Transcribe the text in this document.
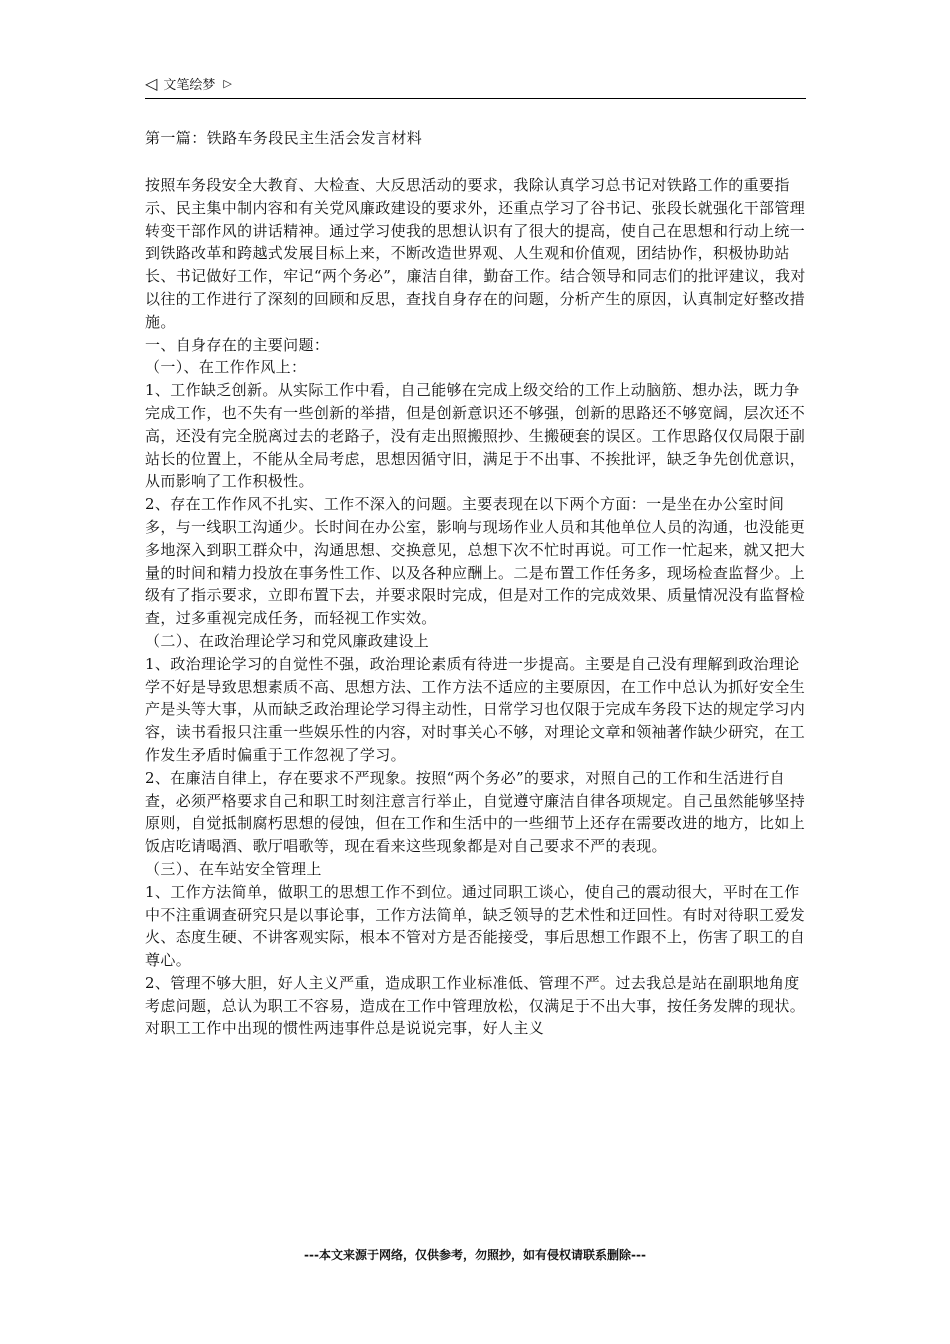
◁ 文笔绘梦 ▷
第一篇：铁路车务段民主生活会发言材料

按照车务段安全大教育、大检查、大反思活动的要求，我除认真学习总书记对铁路工作的重要指示、民主集中制内容和有关党风廉政建设的要求外，还重点学习了谷书记、张段长就强化干部管理转变干部作风的讲话精神。通过学习使我的思想认识有了很大的提高，使自己在思想和行动上统一到铁路改革和跨越式发展目标上来，不断改造世界观、人生观和价值观，团结协作，积极协助站长、书记做好工作，牢记“两个务必”，廉洁自律，勤奋工作。结合领导和同志们的批评建议，我对以往的工作进行了深刻的回顾和反思，查找自身存在的问题，分析产生的原因，认真制定好整改措施。

一、自身存在的主要问题：

（一）、在工作作风上：

1、工作缺乏创新。从实际工作中看，自己能够在完成上级交给的工作上动脑筋、想办法，既力争完成工作，也不失有一些创新的举措，但是创新意识还不够强，创新的思路还不够宽阔，层次还不高，还没有完全脱离过去的老路子，没有走出照搬照抄、生搬硬套的误区。工作思路仅仅局限于副站长的位置上，不能从全局考虑，思想因循守旧，满足于不出事、不挨批评，缺乏争先创优意识，从而影响了工作积极性。

2、存在工作作风不扎实、工作不深入的问题。主要表现在以下两个方面：一是坐在办公室时间多，与一线职工沟通少。长时间在办公室，影响与现场作业人员和其他单位人员的沟通，也没能更多地深入到职工群众中，沟通思想、交换意见，总想下次不忙时再说。可工作一忙起来，就又把大量的时间和精力投放在事务性工作、以及各种应酬上。二是布置工作任务多，现场检查监督少。上级有了指示要求，立即布置下去，并要求限时完成，但是对工作的完成效果、质量情况没有监督检查，过多重视完成任务，而轻视工作实效。

（二）、在政治理论学习和党风廉政建设上

1、政治理论学习的自觉性不强，政治理论素质有待进一步提高。主要是自己没有理解到政治理论学不好是导致思想素质不高、思想方法、工作方法不适应的主要原因，在工作中总认为抓好安全生产是头等大事，从而缺乏政治理论学习得主动性，日常学习也仅限于完成车务段下达的规定学习内容，读书看报只注重一些娱乐性的内容，对时事关心不够，对理论文章和领袖著作缺少研究，在工作发生矛盾时偏重于工作忽视了学习。

2、在廉洁自律上，存在要求不严现象。按照“两个务必”的要求，对照自己的工作和生活进行自查，必须严格要求自己和职工时刻注意言行举止，自觉遵守廉洁自律各项规定。自己虽然能够坚持原则，自觉抵制腐朽思想的侵蚀，但在工作和生活中的一些细节上还存在需要改进的地方，比如上饭店吃请喝酒、歌厅唱歌等，现在看来这些现象都是对自己要求不严的表现。

（三）、在车站安全管理上

1、工作方法简单，做职工的思想工作不到位。通过同职工谈心，使自己的震动很大，平时在工作中不注重调查研究只是以事论事，工作方法简单，缺乏领导的艺术性和迂回性。有时对待职工爱发火、态度生硬、不讲客观实际，根本不管对方是否能接受，事后思想工作跟不上，伤害了职工的自尊心。

2、管理不够大胆，好人主义严重，造成职工作业标准低、管理不严。过去我总是站在副职地角度考虑问题，总认为职工不容易，造成在工作中管理放松，仅满足于不出大事，按任务发牌的现状。对职工工作中出现的惯性两违事件总是说说完事，好人主义

---本文来源于网络，仅供参考，勿照抄，如有侵权请联系删除---
